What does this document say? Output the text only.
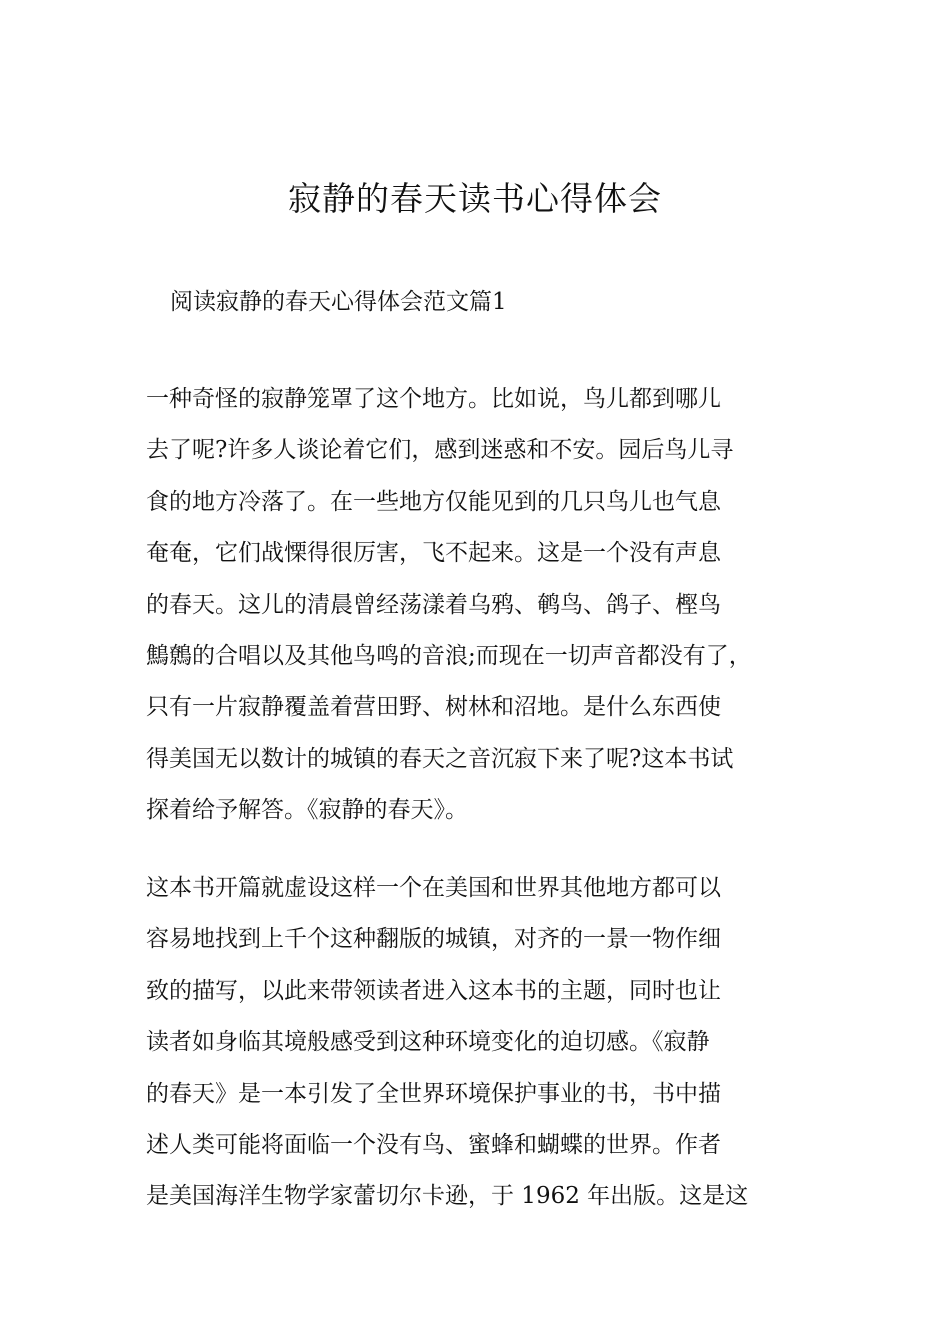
寂静的春天读书心得体会

阅读寂静的春天心得体会范文篇1

一种奇怪的寂静笼罩了这个地方。比如说，鸟儿都到哪儿
去了呢?许多人谈论着它们，感到迷惑和不安。园后鸟儿寻
食的地方冷落了。在一些地方仅能见到的几只鸟儿也气息
奄奄，它们战慄得很厉害，飞不起来。这是一个没有声息
的春天。这儿的清晨曾经荡漾着乌鸦、鹌鸟、鸽子、樫鸟
鷦鷯的合唱以及其他鸟鸣的音浪;而现在一切声音都没有了，
只有一片寂静覆盖着营田野、树林和沼地。是什么东西使
得美国无以数计的城镇的春天之音沉寂下来了呢?这本书试
探着给予解答。《寂静的春天》。
这本书开篇就虚设这样一个在美国和世界其他地方都可以
容易地找到上千个这种翻版的城镇，对齐的一景一物作细
致的描写，以此来带领读者进入这本书的主题，同时也让
读者如身临其境般感受到这种环境变化的迫切感。《寂静
的春天》是一本引发了全世界环境保护事业的书，书中描
述人类可能将面临一个没有鸟、蜜蜂和蝴蝶的世界。作者
是美国海洋生物学家蕾切尔卡逊，于 1962 年出版。这是这
